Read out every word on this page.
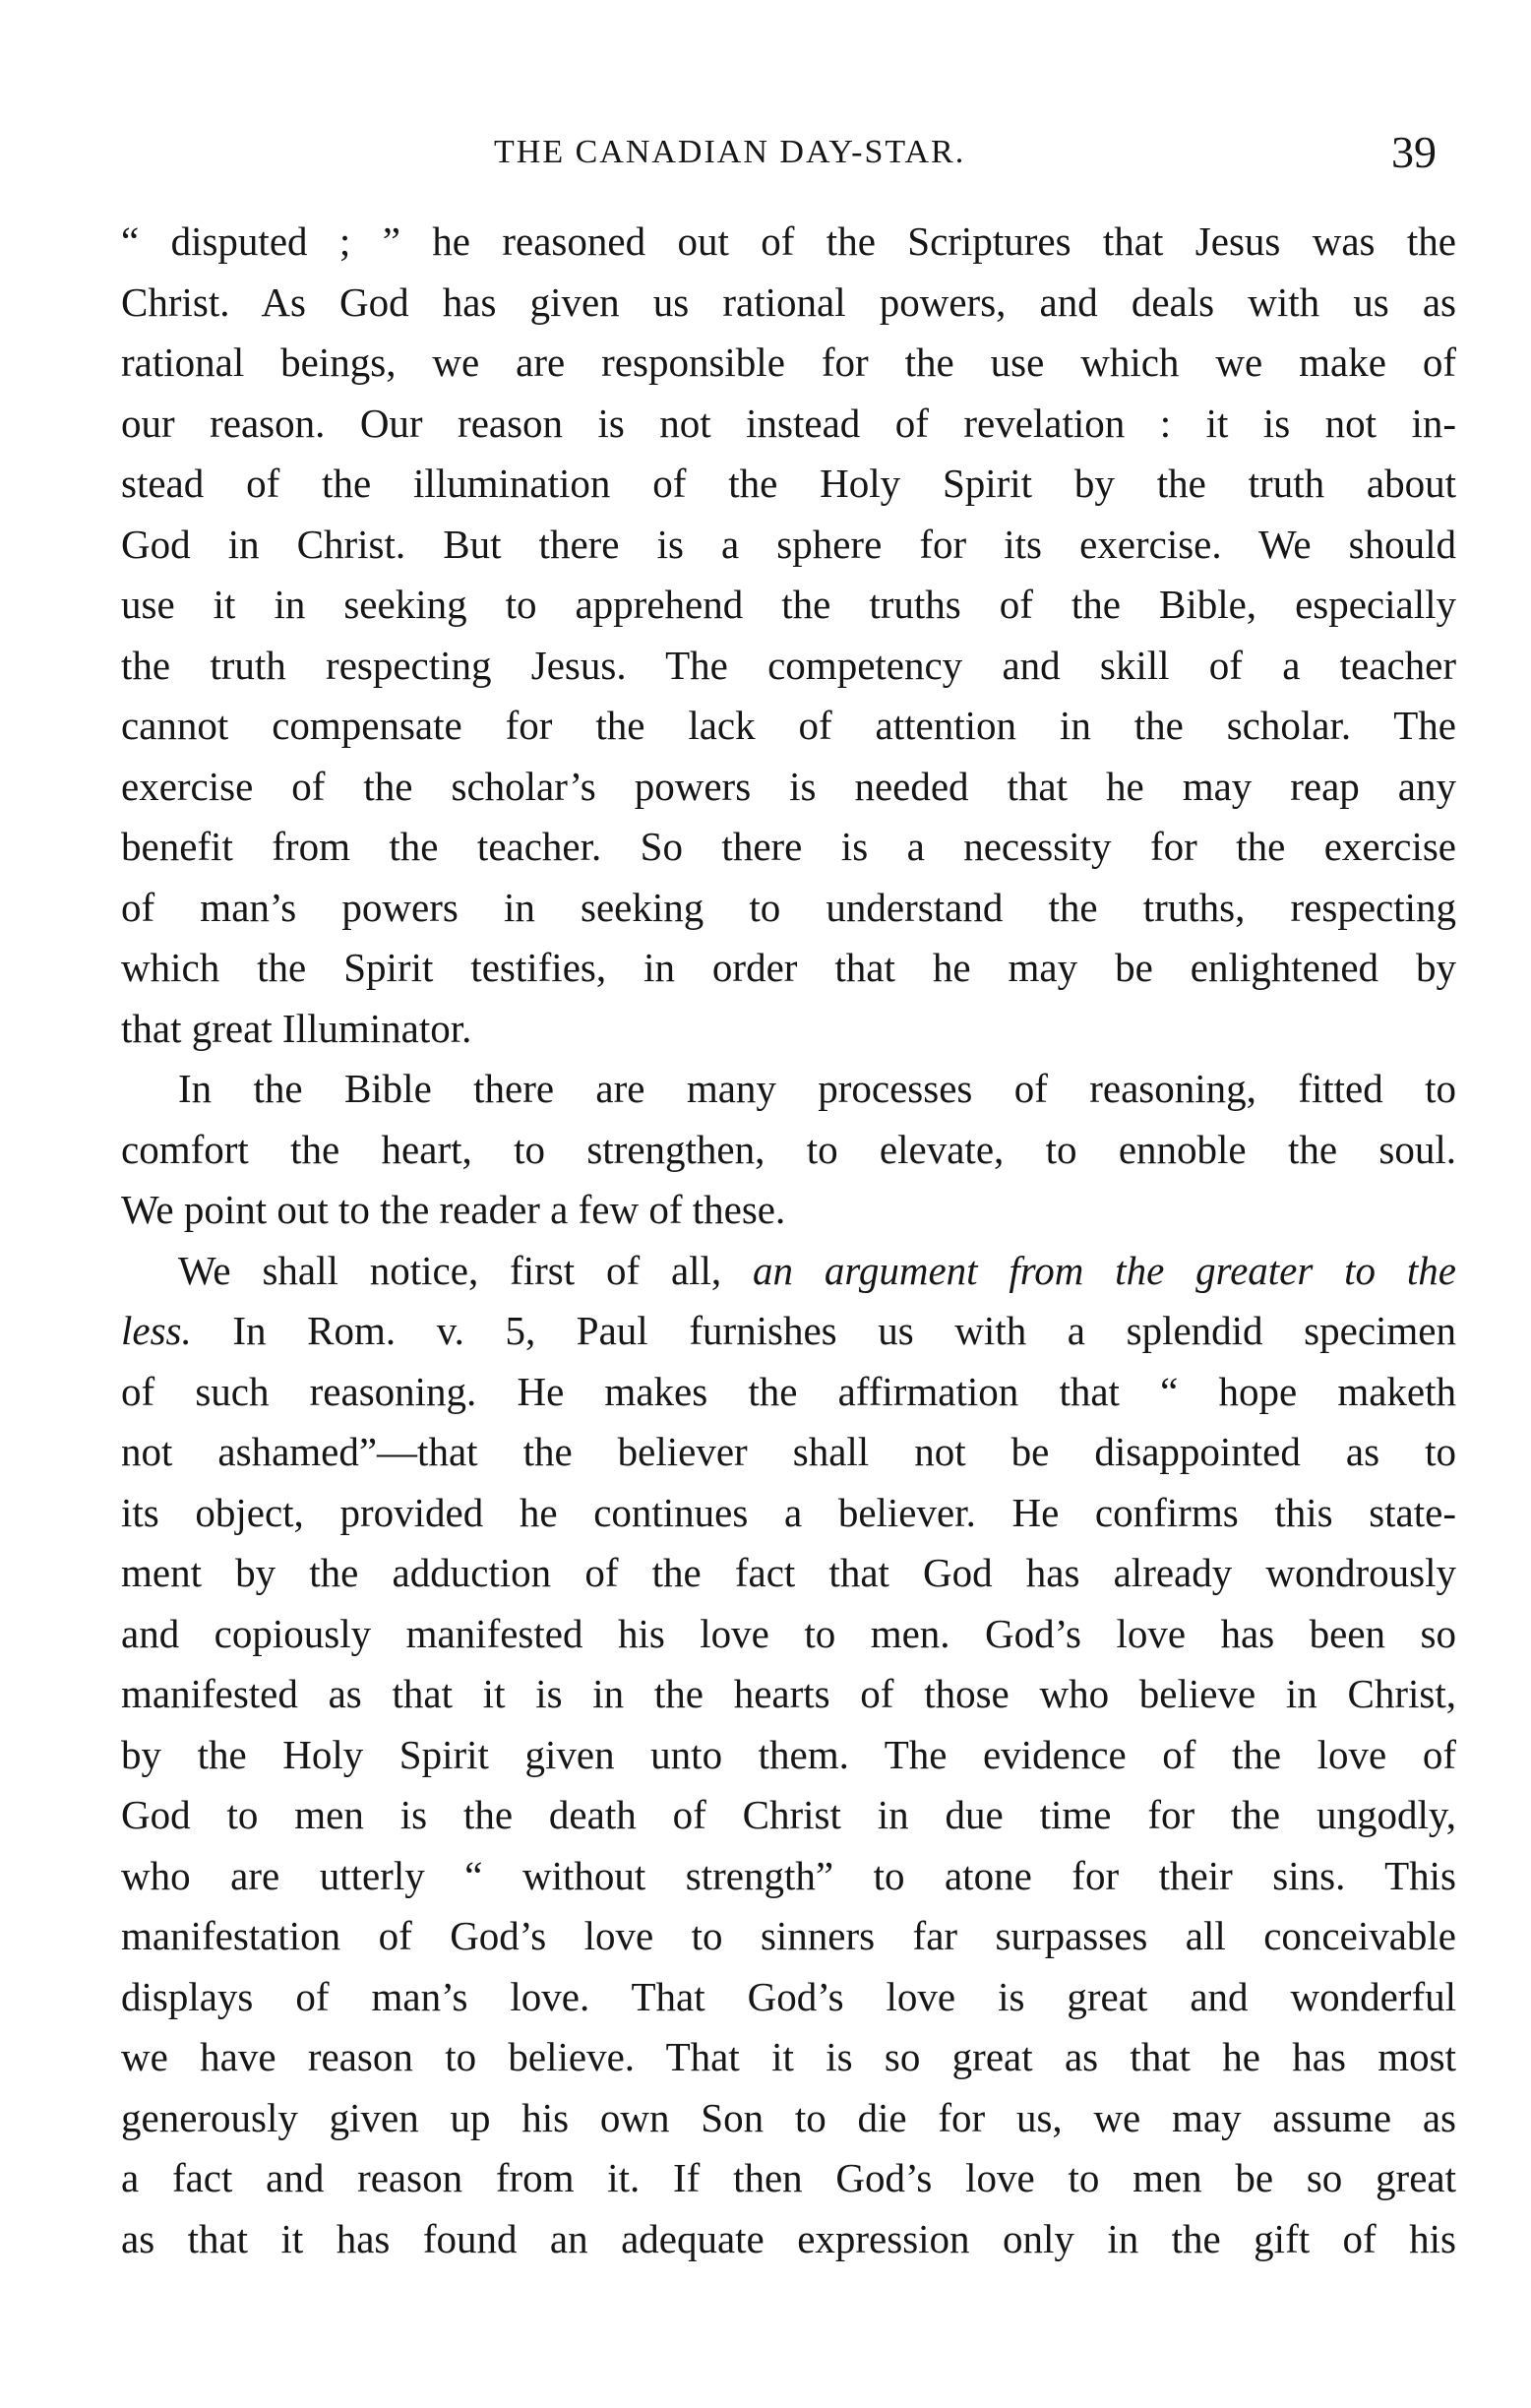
THE CANADIAN DAY-STAR.	39
“ disputed ; ” he reasoned out of the Scriptures that Jesus was the
Christ. As God has given us rational powers, and deals with us as
rational beings, we are responsible for the use which we make of
our reason. Our reason is not instead of revelation : it is not in-
stead of the illumination of the Holy Spirit by the truth about
God in Christ. But there is a sphere for its exercise. We should
use it in seeking to apprehend the truths of the Bible, especially
the truth respecting Jesus. The competency and skill of a teacher
cannot compensate for the lack of attention in the scholar. The
exercise of the scholar’s powers is needed that he may reap any
benefit from the teacher. So there is a necessity for the exercise
of man’s powers in seeking to understand the truths, respecting
which the Spirit testifies, in order that he may be enlightened by
that great Illuminator.
In the Bible there are many processes of reasoning, fitted to
comfort the heart, to strengthen, to elevate, to ennoble the soul.
We point out to the reader a few of these.
We shall notice, first of all, an argument from the greater to the
less. In Rom. v. 5, Paul furnishes us with a splendid specimen
of such reasoning. He makes the affirmation that “ hope maketh
not ashamed”—that the believer shall not be disappointed as to
its object, provided he continues a believer. He confirms this state-
ment by the adduction of the fact that God has already wondrously
and copiously manifested his love to men. God’s love has been so
manifested as that it is in the hearts of those who believe in Christ,
by the Holy Spirit given unto them. The evidence of the love of
God to men is the death of Christ in due time for the ungodly,
who are utterly “ without strength” to atone for their sins. This
manifestation of God’s love to sinners far surpasses all conceivable
displays of man’s love. That God’s love is great and wonderful
we have reason to believe. That it is so great as that he has most
generously given up his own Son to die for us, we may assume as
a fact and reason from it. If then God’s love to men be so great
as that it has found an adequate expression only in the gift of his
